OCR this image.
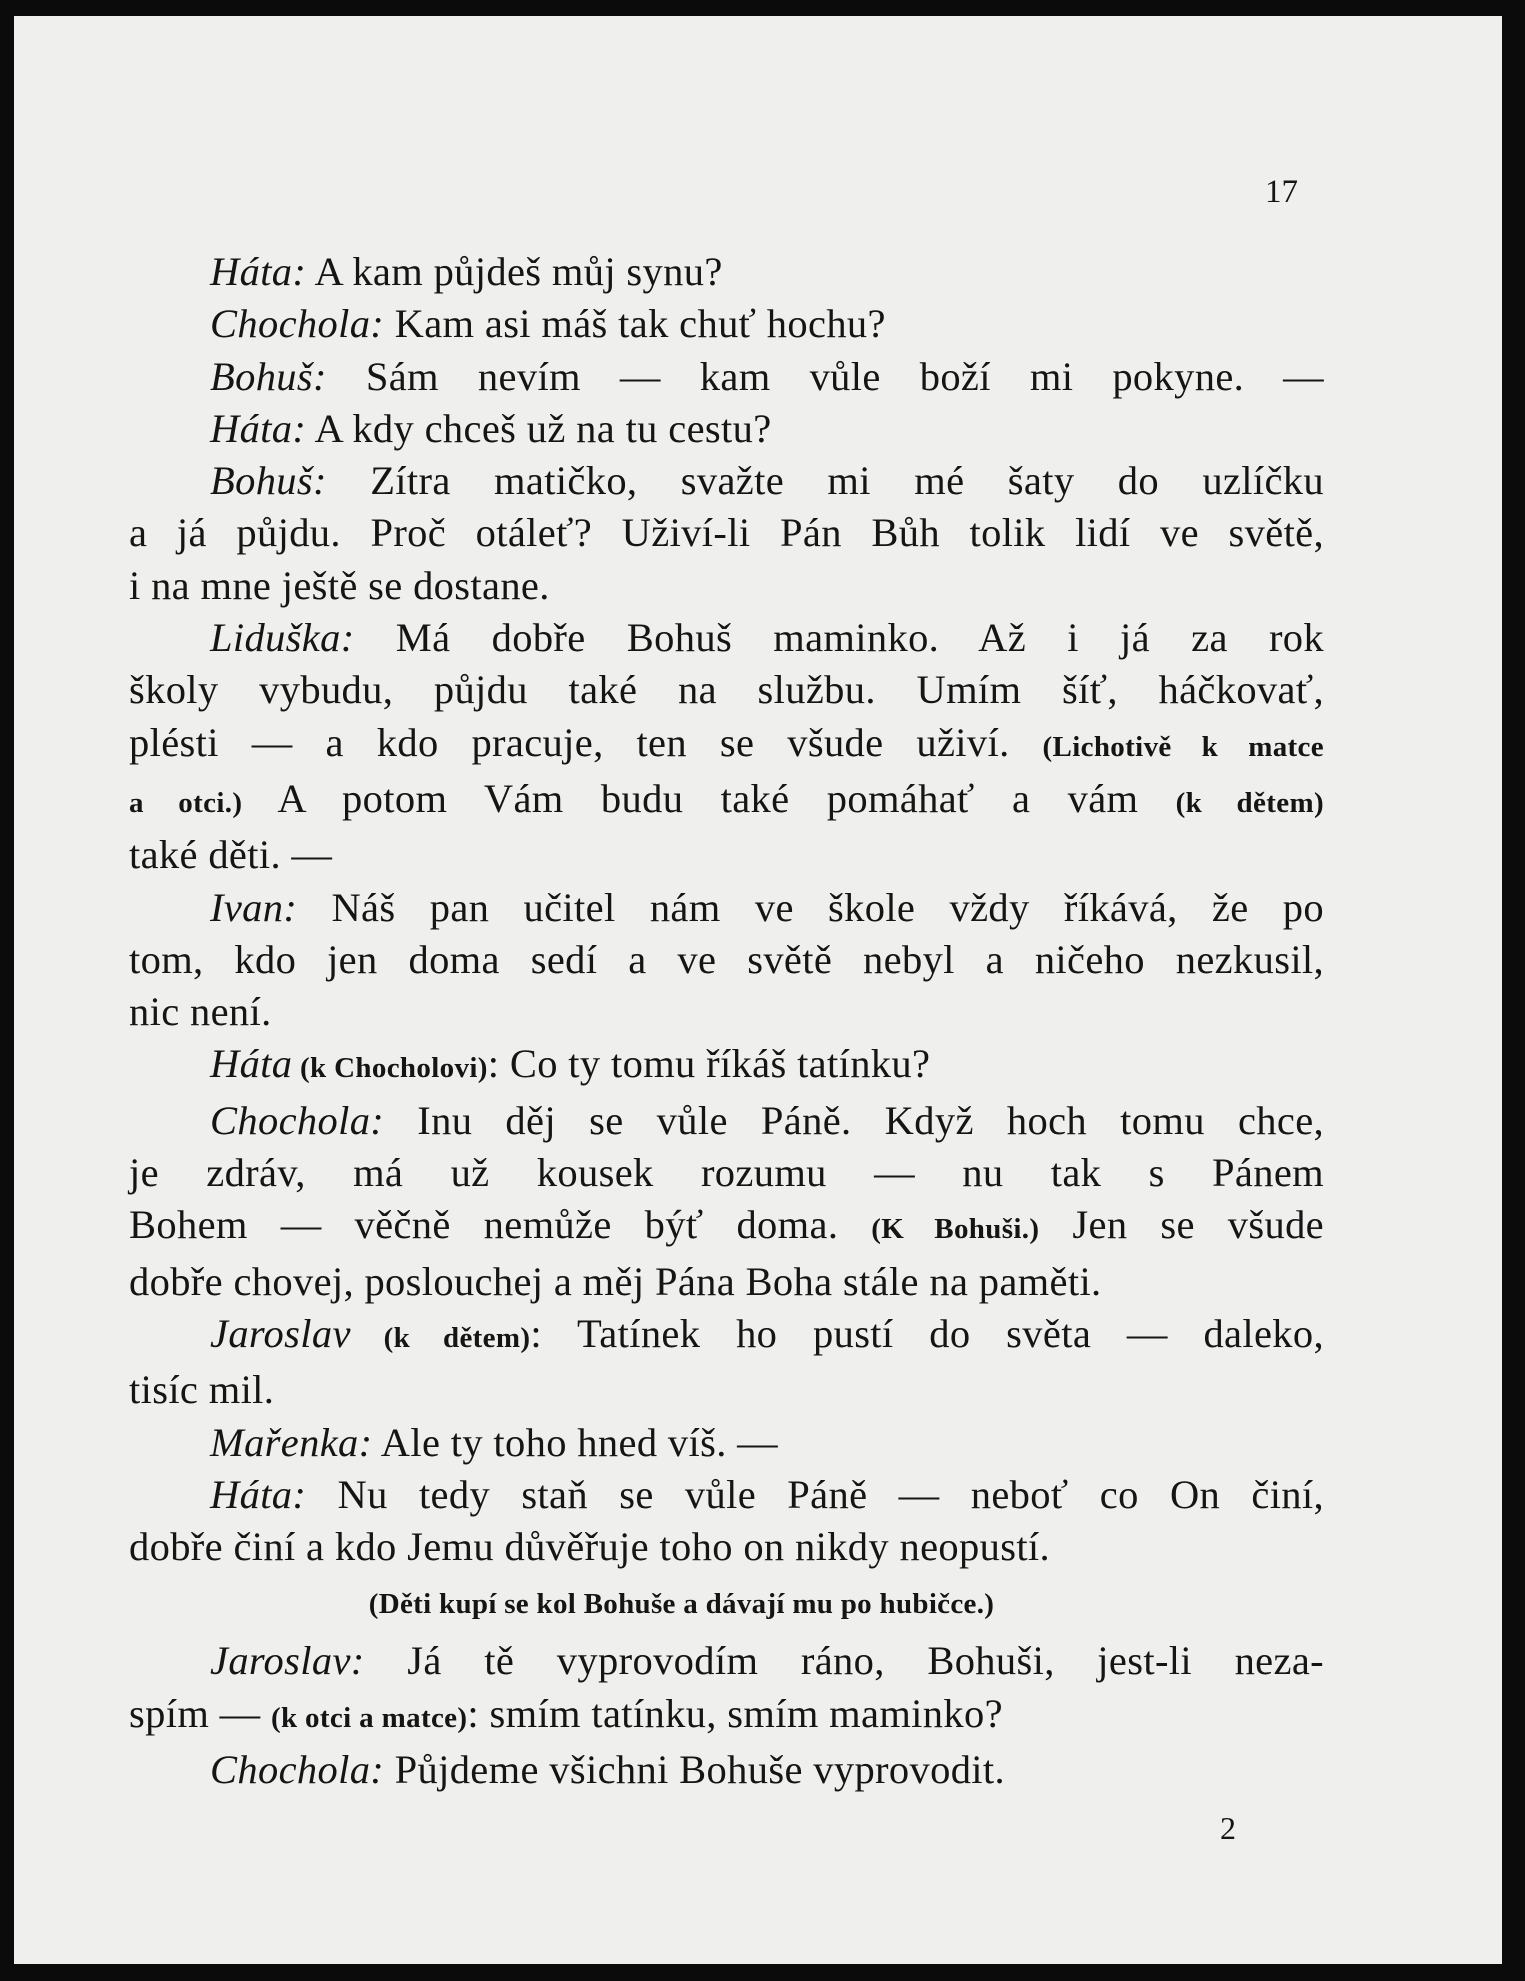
17

Háta: A kam půjdeš můj synu?

Chochola: Kam asi máš tak chuť hochu?

Bohuš: Sám nevím — kam vůle boží mi pokyne. —

Háta: A kdy chceš už na tu cestu?

Bohuš: Zítra matičko, svažte mi mé šaty do uzlíčku
a já půjdu. Proč otáleť? Uživí-li Pán Bůh tolik lidí ve světě,
i na mne ještě se dostane.

Liduška: Má dobře Bohuš maminko. Až i já za rok
školy vybudu, půjdu také na službu. Umím šíť, háčkovať,
plésti — a kdo pracuje, ten se všude uživí. (Lichotivě k matce
a otci.) A potom Vám budu také pomáhať a vám (k dětem)
také děti. —

Ivan: Náš pan učitel nám ve škole vždy říkává, že po
tom, kdo jen doma sedí a ve světě nebyl a ničeho nezkusil,
nic není.

Háta (k Chocholovi): Co ty tomu říkáš tatínku?

Chochola: Inu děj se vůle Páně. Když hoch tomu chce,
je zdráv, má už kousek rozumu — nu tak s Pánem
Bohem — věčně nemůže býť doma. (K Bohuši.) Jen se všude
dobře chovej, poslouchej a měj Pána Boha stále na paměti.

Jaroslav (k dětem): Tatínek ho pustí do světa — daleko,
tisíc mil.

Mařenka: Ale ty toho hned víš. —

Háta: Nu tedy staň se vůle Páně — neboť co On činí,
dobře činí a kdo Jemu důvěřuje toho on nikdy neopustí.

(Děti kupí se kol Bohuše a dávají mu po hubičce.)

Jaroslav: Já tě vyprovodím ráno, Bohuši, jest-li neza-
spím — (k otci a matce): smím tatínku, smím maminko?

Chochola: Půjdeme všichni Bohuše vyprovodit.

2
